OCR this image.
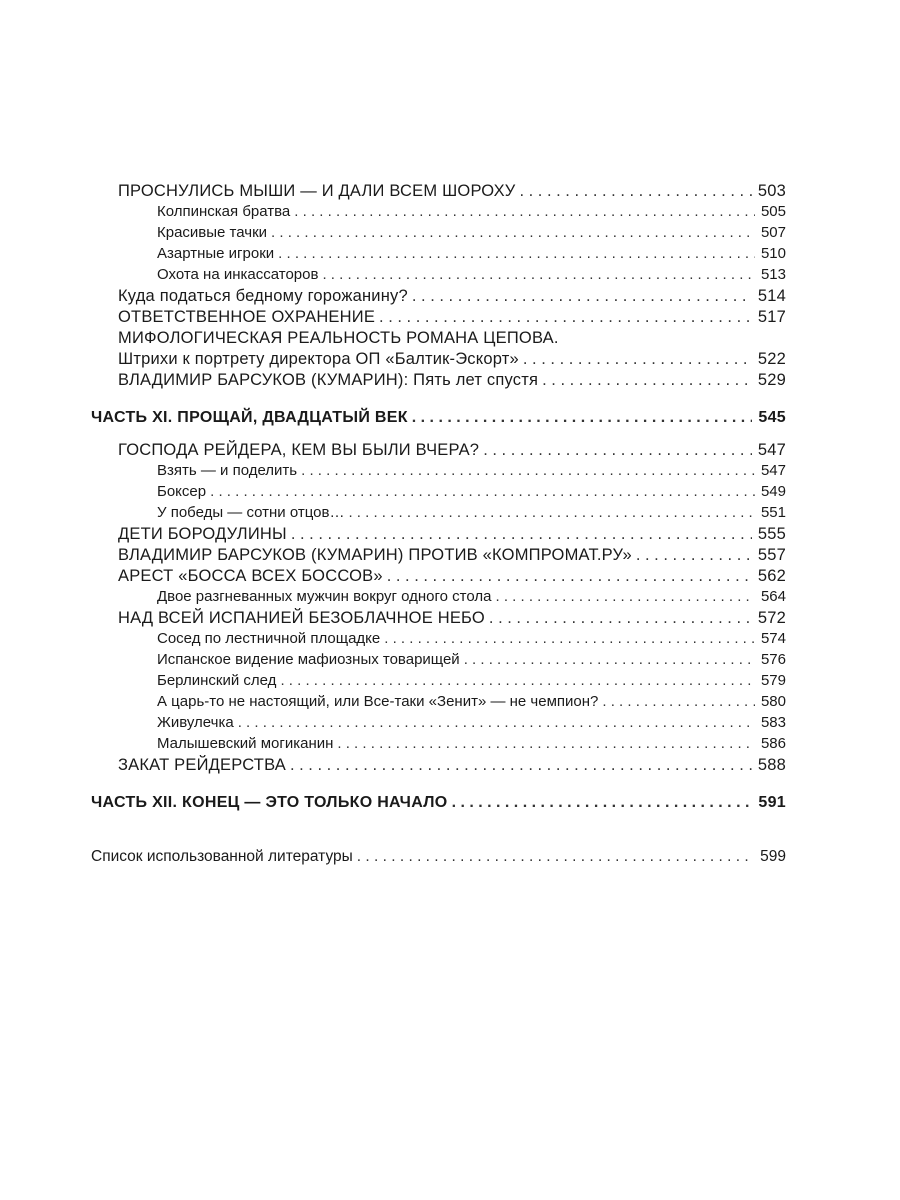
ПРОСНУЛИСЬ МЫШИ — И ДАЛИ ВСЕМ ШОРОХУ . . .	503
Колпинская братва . . .	505
Красивые тачки . . .	507
Азартные игроки . . .	510
Охота на инкассаторов . . .	513
Куда податься бедному горожанину? . . .	514
ОТВЕТСТВЕННОЕ ОХРАНЕНИЕ . . .	517
МИФОЛОГИЧЕСКАЯ РЕАЛЬНОСТЬ РОМАНА ЦЕПОВА.
Штрихи к портрету директора ОП «Балтик-Эскорт» . . .	522
ВЛАДИМИР БАРСУКОВ (КУМАРИН): Пять лет спустя . . .	529
ЧАСТЬ XI. ПРОЩАЙ, ДВАДЦАТЫЙ ВЕК . . .	545
ГОСПОДА РЕЙДЕРА, КЕМ ВЫ БЫЛИ ВЧЕРА? . . .	547
Взять — и поделить . . .	547
Боксер . . .	549
У победы — сотни отцов… . . .	551
ДЕТИ БОРОДУЛИНЫ . . .	555
ВЛАДИМИР БАРСУКОВ (КУМАРИН) ПРОТИВ «КОМПРОМАТ.РУ» . . .	557
АРЕСТ «БОССА ВСЕХ БОССОВ» . . .	562
Двое разгневанных мужчин вокруг одного стола . . .	564
НАД ВСЕЙ ИСПАНИЕЙ БЕЗОБЛАЧНОЕ НЕБО . . .	572
Сосед по лестничной площадке . . .	574
Испанское видение мафиозных товарищей . . .	576
Берлинский след . . .	579
А царь-то не настоящий, или Все-таки «Зенит» — не чемпион? . . .	580
Живулечка . . .	583
Малышевский могиканин . . .	586
ЗАКАТ РЕЙДЕРСТВА . . .	588
ЧАСТЬ XII. КОНЕЦ — ЭТО ТОЛЬКО НАЧАЛО . . .	591
Список использованной литературы . . .	599
